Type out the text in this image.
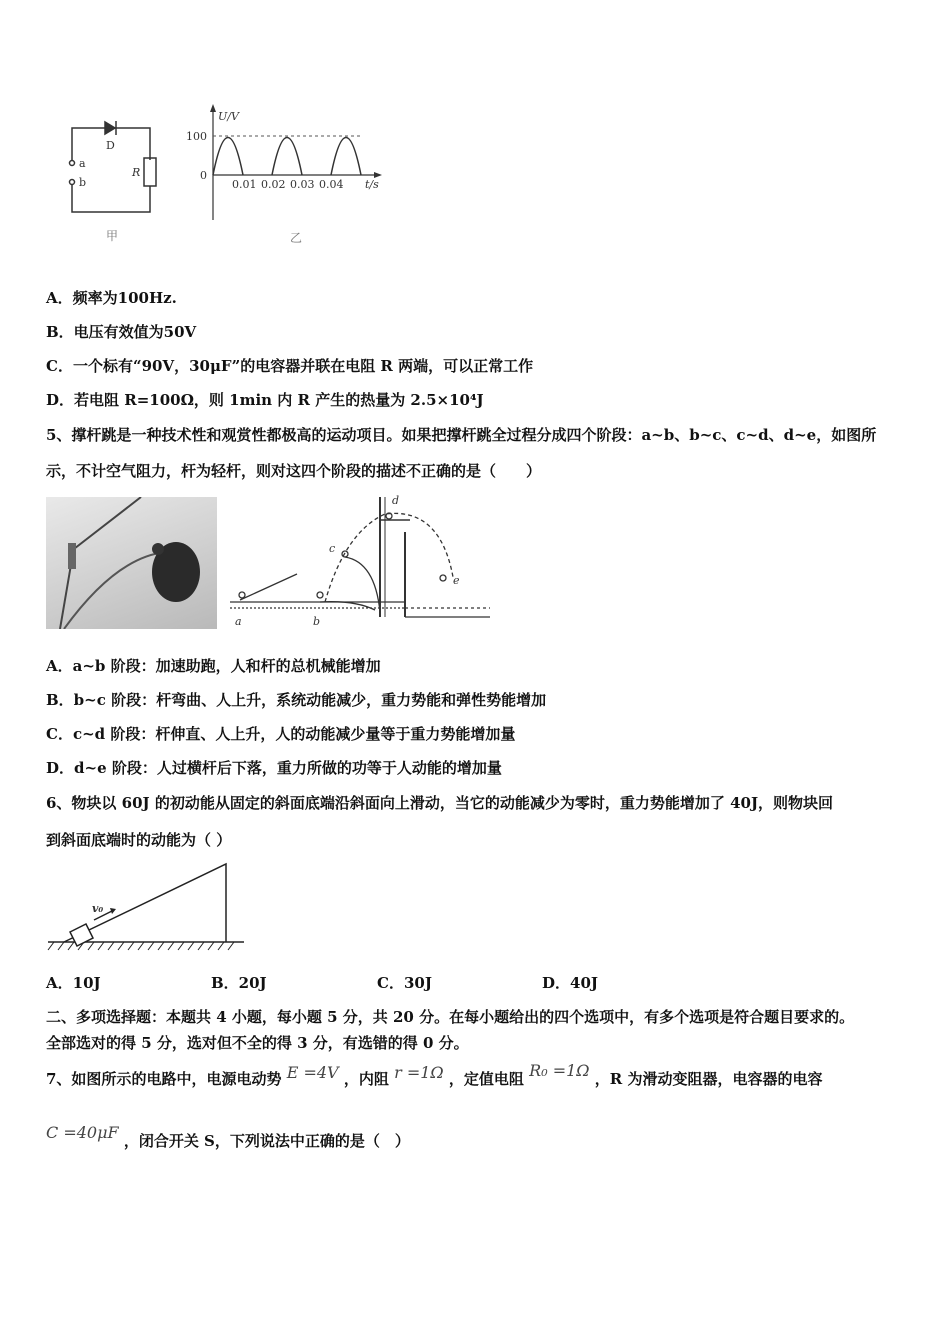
D
R
a
b
甲
U/V
100
0
0.01 0.02 0.03 0.04 t/s
乙
A．频率为100Hz.
B．电压有效值为50V
C．一个标有“90V，30μF”的电容器并联在电阻 R 两端，可以正常工作
D．若电阻 R=100Ω，则 1min 内 R 产生的热量为 2.5×10⁴J
5、撑杆跳是一种技术性和观赏性都极高的运动项目。如果把撑杆跳全过程分成四个阶段：a~b、b~c、c~d、d~e，如图所
示，不计空气阻力，杆为轻杆，则对这四个阶段的描述不正确的是（　　）
a	b
c
d
e
A．a~b 阶段：加速助跑，人和杆的总机械能增加
B．b~c 阶段：杆弯曲、人上升，系统动能减少，重力势能和弹性势能增加
C．c~d 阶段：杆伸直、人上升，人的动能减少量等于重力势能增加量
D．d~e 阶段：人过横杆后下落，重力所做的功等于人动能的增加量
6、物块以 60J 的初动能从固定的斜面底端沿斜面向上滑动，当它的动能减少为零时，重力势能增加了 40J，则物块回
到斜面底端时的动能为（ ）
v₀
A．10J	B．20J	C．30J	D．40J
二、多项选择题：本题共 4 小题，每小题 5 分，共 20 分。在每小题给出的四个选项中，有多个选项是符合题目要求的。
全部选对的得 5 分，选对但不全的得 3 分，有选错的得 0 分。
7、如图所示的电路中，电源电动势 E =4V ，内阻 r =1Ω ，定值电阻 R₀ =1Ω ，R 为滑动变阻器，电容器的电容
C =40μF ，闭合开关 S，下列说法中正确的是（　）
